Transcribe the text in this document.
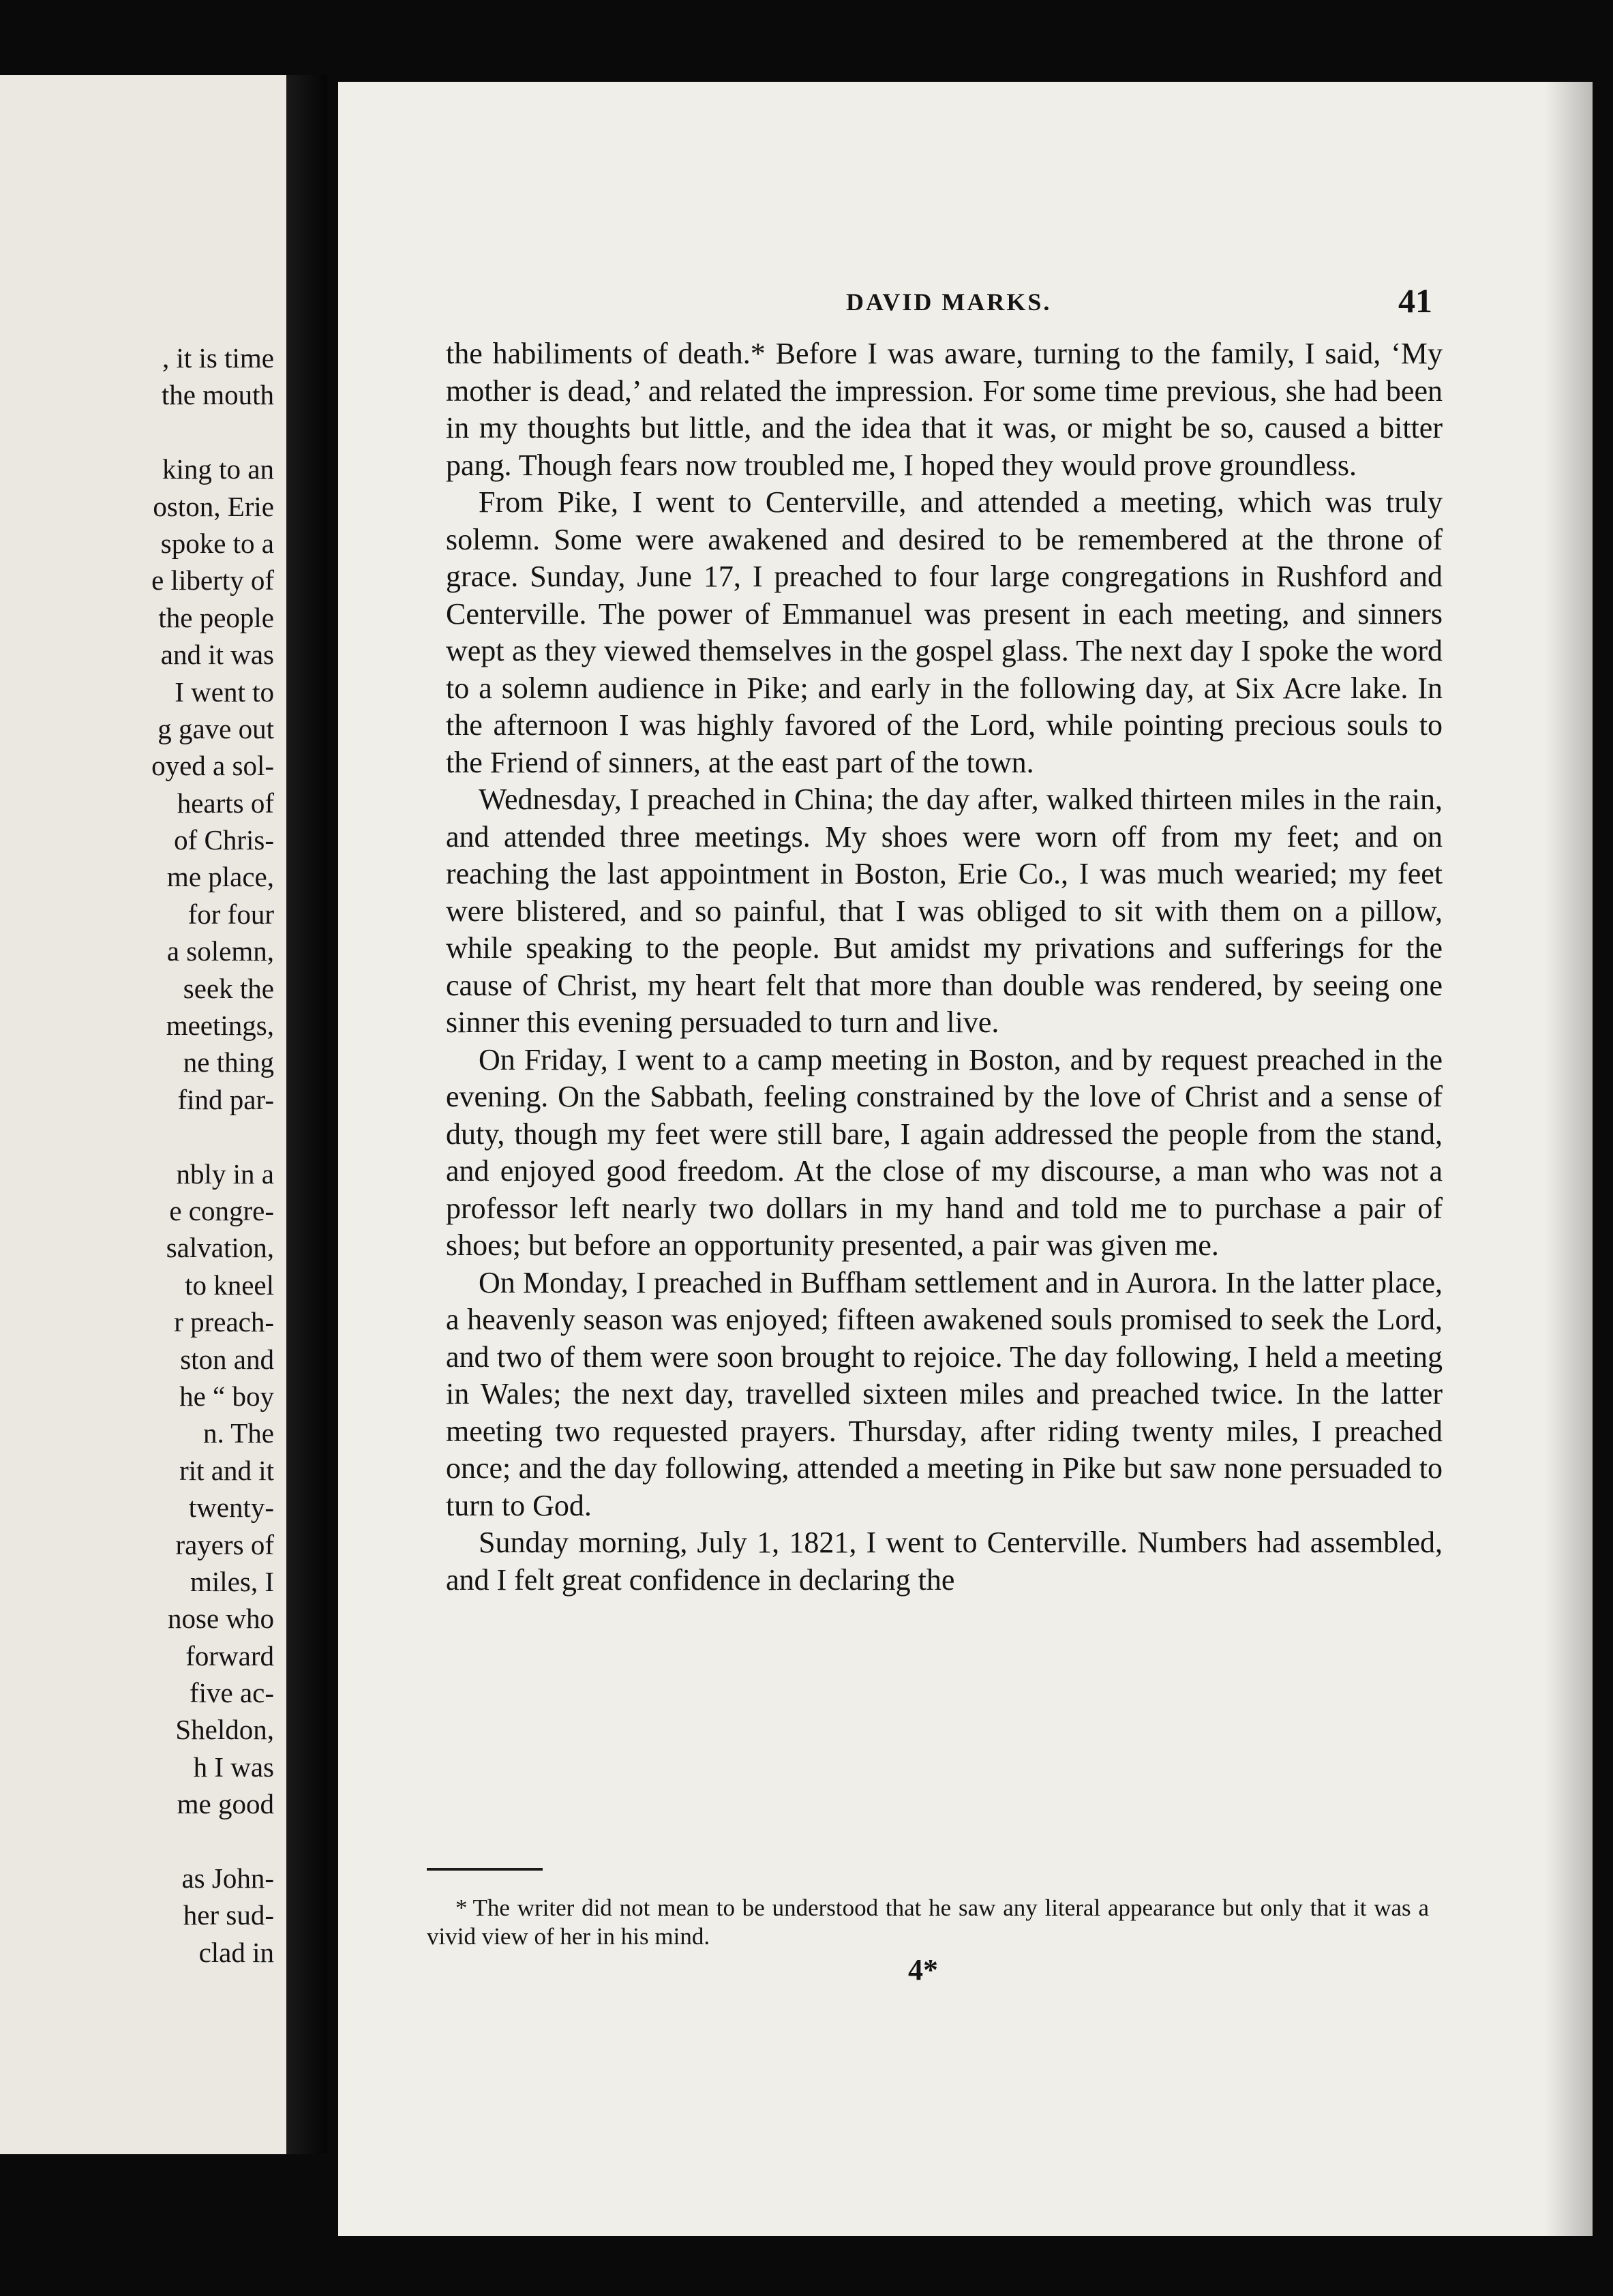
, it is time
the mouth
king to an
oston, Erie
spoke to a
e liberty of
the people
and it was
I went to
g gave out
oyed a sol-
hearts of
of Chris-
me place,
for four
a solemn,
seek the
meetings,
ne thing
find par-
nbly in a
e congre-
salvation,
to kneel
r preach-
ston and
he “ boy
n. The
rit and it
twenty-
rayers of
miles, I
nose who
forward
five ac-
Sheldon,
h I was
me good
as John-
her sud-
clad in
DAVID MARKS.	41

the habiliments of death.* Before I was aware, turning to the family, I said, ‘My mother is dead,’ and related the impression. For some time previous, she had been in my thoughts but little, and the idea that it was, or might be so, caused a bitter pang. Though fears now troubled me, I hoped they would prove groundless.

From Pike, I went to Centerville, and attended a meeting, which was truly solemn. Some were awakened and desired to be remembered at the throne of grace. Sunday, June 17, I preached to four large congregations in Rushford and Centerville. The power of Emmanuel was present in each meeting, and sinners wept as they viewed themselves in the gospel glass. The next day I spoke the word to a solemn audience in Pike; and early in the following day, at Six Acre lake. In the afternoon I was highly favored of the Lord, while pointing precious souls to the Friend of sinners, at the east part of the town.

Wednesday, I preached in China; the day after, walked thirteen miles in the rain, and attended three meetings. My shoes were worn off from my feet; and on reaching the last appointment in Boston, Erie Co., I was much wearied; my feet were blistered, and so painful, that I was obliged to sit with them on a pillow, while speaking to the people. But amidst my privations and sufferings for the cause of Christ, my heart felt that more than double was rendered, by seeing one sinner this evening persuaded to turn and live.

On Friday, I went to a camp meeting in Boston, and by request preached in the evening. On the Sabbath, feeling constrained by the love of Christ and a sense of duty, though my feet were still bare, I again addressed the people from the stand, and enjoyed good freedom. At the close of my discourse, a man who was not a professor left nearly two dollars in my hand and told me to purchase a pair of shoes; but before an opportunity presented, a pair was given me.

On Monday, I preached in Buffham settlement and in Aurora. In the latter place, a heavenly season was enjoyed; fifteen awakened souls promised to seek the Lord, and two of them were soon brought to rejoice. The day following, I held a meeting in Wales; the next day, travelled sixteen miles and preached twice. In the latter meeting two requested prayers. Thursday, after riding twenty miles, I preached once; and the day following, attended a meeting in Pike but saw none persuaded to turn to God.

Sunday morning, July 1, 1821, I went to Centerville. Numbers had assembled, and I felt great confidence in declaring the

* The writer did not mean to be understood that he saw any literal appearance but only that it was a vivid view of her in his mind.
4*
